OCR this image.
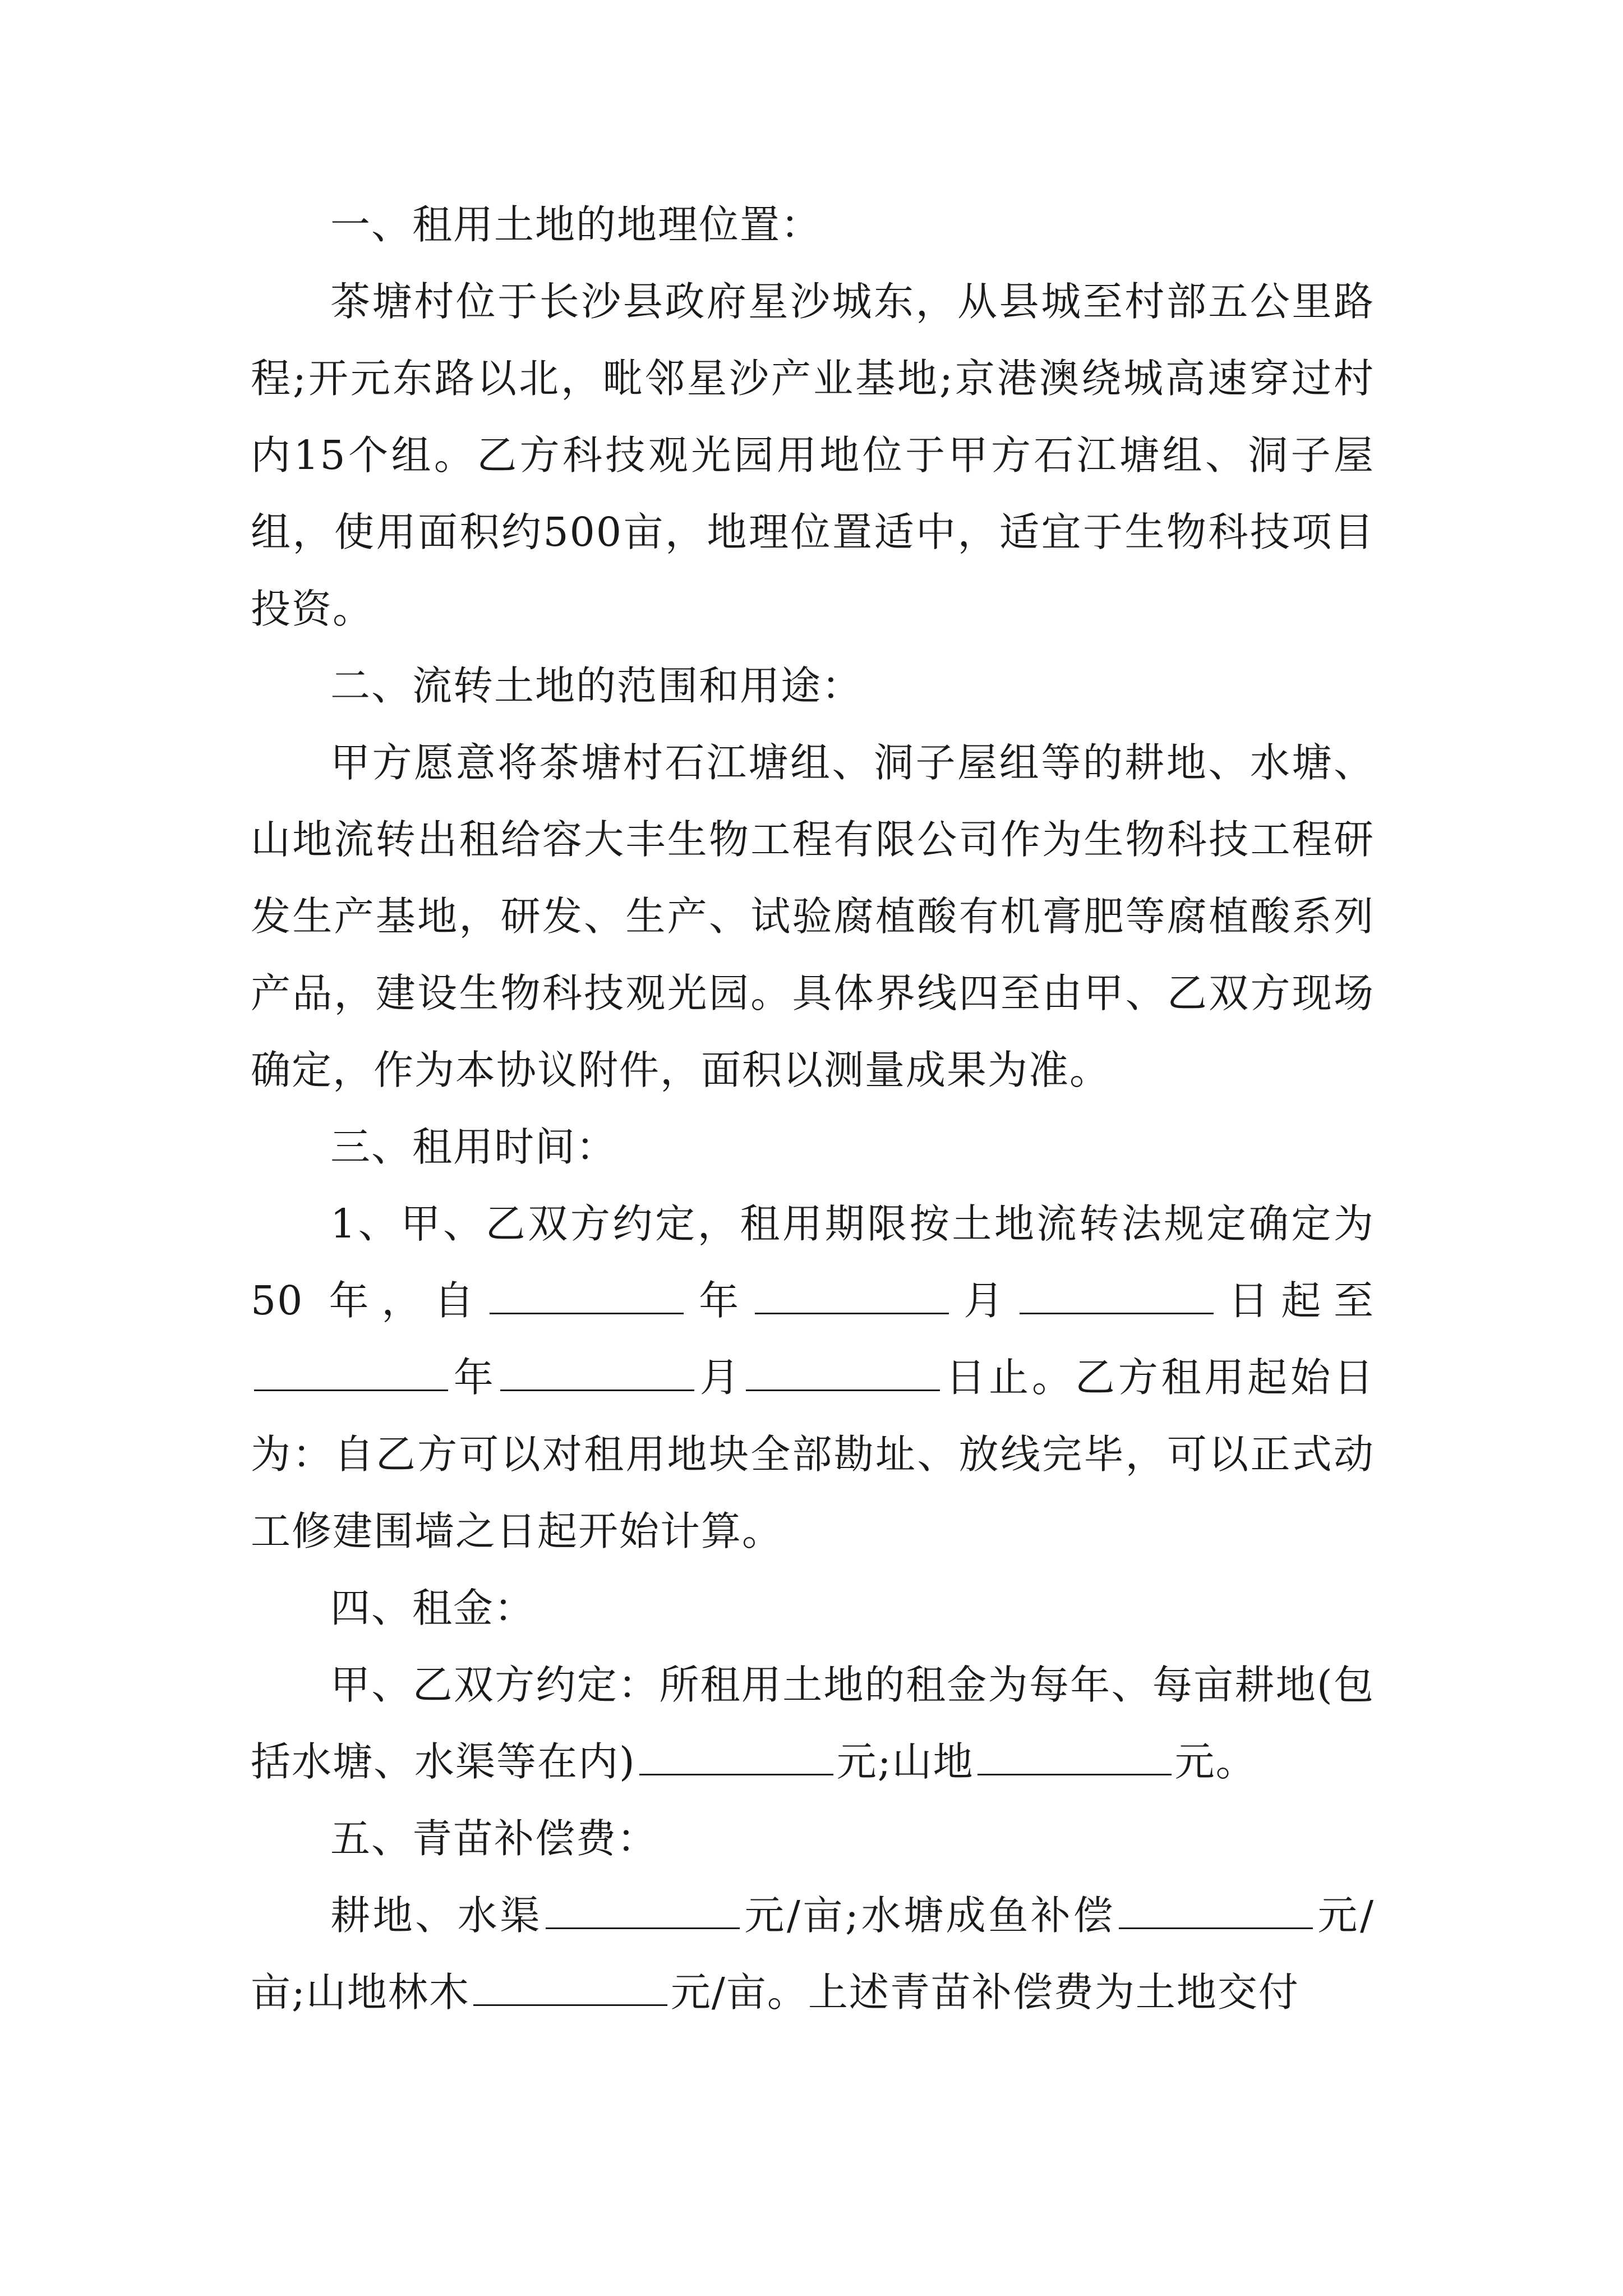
一、租用土地的地理位置：

茶塘村位于长沙县政府星沙城东，从县城至村部五公里路程;开元东路以北，毗邻星沙产业基地;京港澳绕城高速穿过村内15个组。乙方科技观光园用地位于甲方石江塘组、洞子屋组，使用面积约500亩，地理位置适中，适宜于生物科技项目投资。

二、流转土地的范围和用途：

甲方愿意将茶塘村石江塘组、洞子屋组等的耕地、水塘、山地流转出租给容大丰生物工程有限公司作为生物科技工程研发生产基地，研发、生产、试验腐植酸有机膏肥等腐植酸系列产品，建设生物科技观光园。具体界线四至由甲、乙双方现场确定，作为本协议附件，面积以测量成果为准。

三、租用时间：

1、甲、乙双方约定，租用期限按土地流转法规定确定为 50 年，自	年	月	日起至年	月	日止。乙方租用起始日为：自乙方可以对租用地块全部勘址、放线完毕，可以正式动工修建围墙之日起开始计算。

四、租金：

甲、乙双方约定：所租用土地的租金为每年、每亩耕地(包括水塘、水渠等在内)	元;山地	元。

五、青苗补偿费：

耕地、水渠	元/亩;水塘成鱼补偿	元/亩;山地林木	元/亩。上述青苗补偿费为土地交付
